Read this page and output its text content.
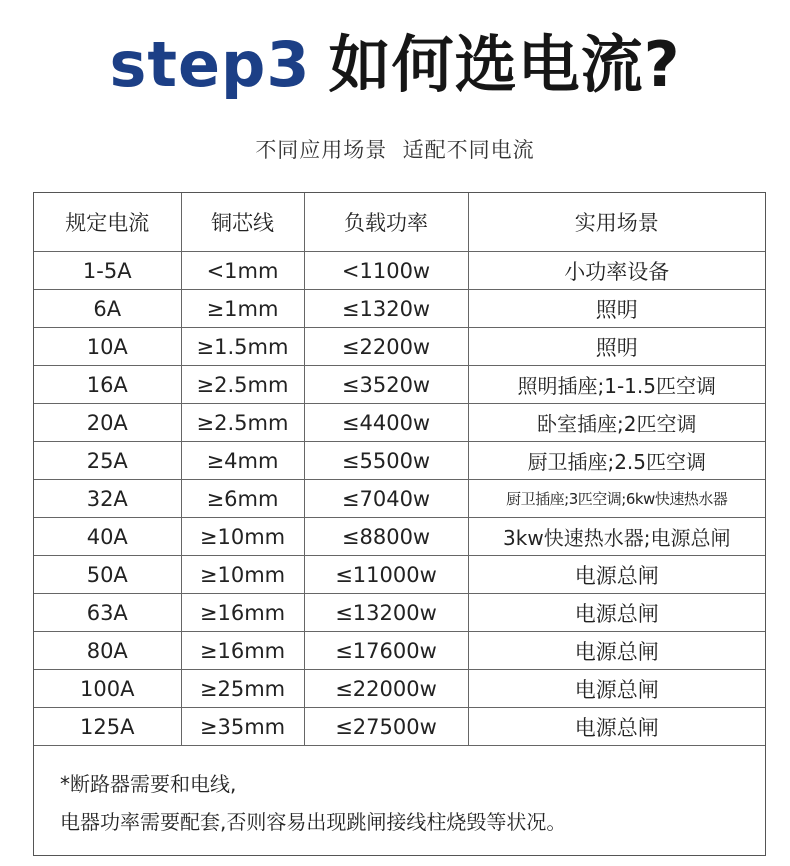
step3 如何选电流?
不同应用场景  适配不同电流
规定电流	铜芯线	负载功率	实用场景
1-5A	<1mm	<1100w	小功率设备
6A	≥1mm	≤1320w	照明
10A	≥1.5mm	≤2200w	照明
16A	≥2.5mm	≤3520w	照明插座;1-1.5匹空调
20A	≥2.5mm	≤4400w	卧室插座;2匹空调
25A	≥4mm	≤5500w	厨卫插座;2.5匹空调
32A	≥6mm	≤7040w	厨卫插座;3匹空调;6kw快速热水器
40A	≥10mm	≤8800w	3kw快速热水器;电源总闸
50A	≥10mm	≤11000w	电源总闸
63A	≥16mm	≤13200w	电源总闸
80A	≥16mm	≤17600w	电源总闸
100A	≥25mm	≤22000w	电源总闸
125A	≥35mm	≤27500w	电源总闸
*断路器需要和电线,
电器功率需要配套,否则容易出现跳闸接线柱烧毁等状况。
